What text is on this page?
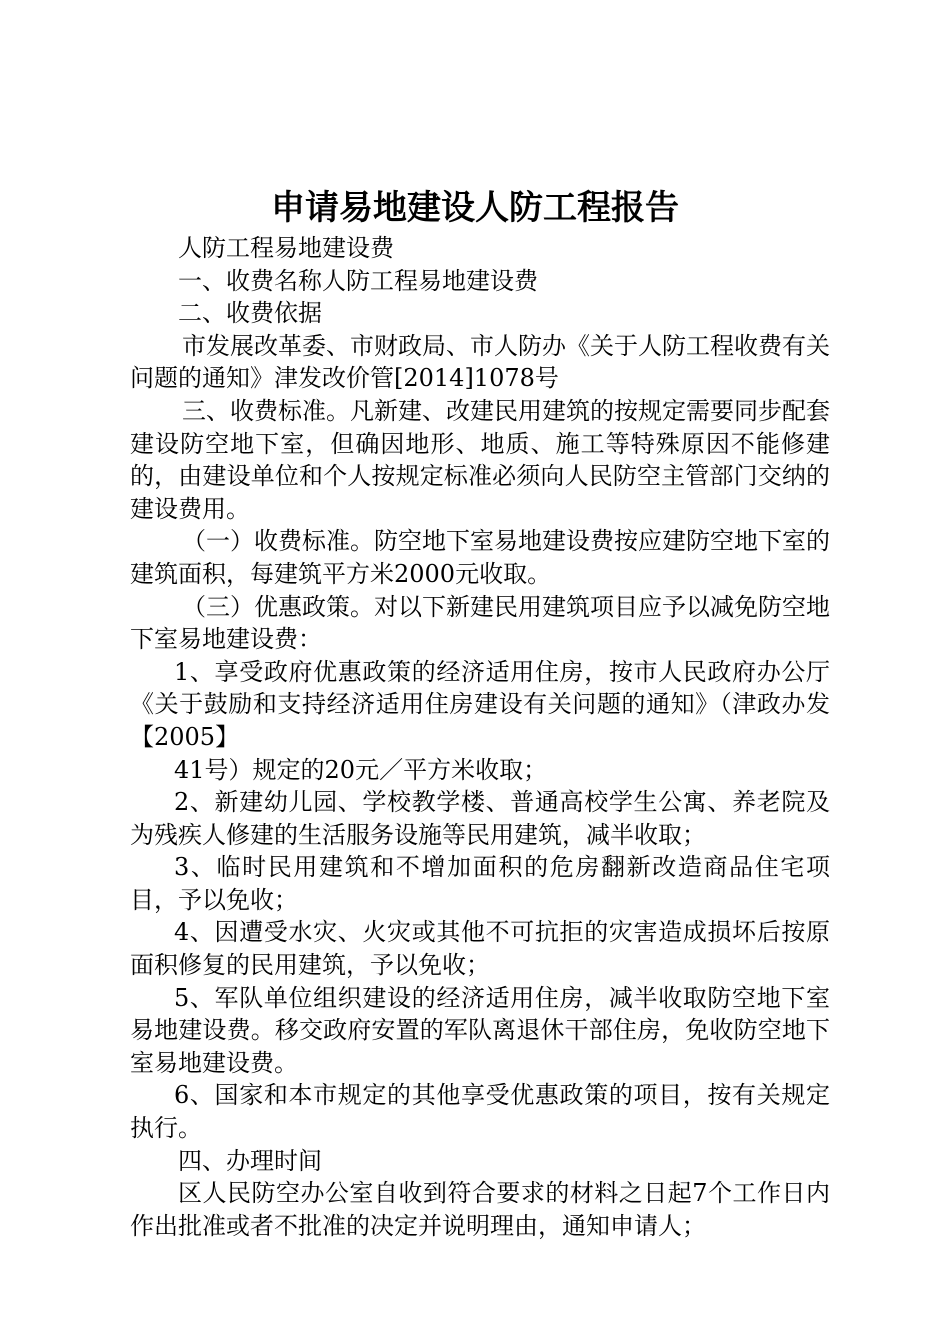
申请易地建设人防工程报告

人防工程易地建设费

一、收费名称人防工程易地建设费

二、收费依据

市发展改革委、市财政局、市人防办《关于人防工程收费有关问题的通知》津发改价管[2014]1078号

三、收费标准。凡新建、改建民用建筑的按规定需要同步配套建设防空地下室，但确因地形、地质、施工等特殊原因不能修建的，由建设单位和个人按规定标准必须向人民防空主管部门交纳的建设费用。

（一）收费标准。防空地下室易地建设费按应建防空地下室的建筑面积，每建筑平方米2000元收取。

（三）优惠政策。对以下新建民用建筑项目应予以减免防空地下室易地建设费：

1、享受政府优惠政策的经济适用住房，按市人民政府办公厅《关于鼓励和支持经济适用住房建设有关问题的通知》（津政办发【2005】

41号）规定的20元／平方米收取；

2、新建幼儿园、学校教学楼、普通高校学生公寓、养老院及为残疾人修建的生活服务设施等民用建筑，减半收取；

3、临时民用建筑和不增加面积的危房翻新改造商品住宅项目，予以免收；

4、因遭受水灾、火灾或其他不可抗拒的灾害造成损坏后按原面积修复的民用建筑，予以免收；

5、军队单位组织建设的经济适用住房，减半收取防空地下室易地建设费。移交政府安置的军队离退休干部住房，免收防空地下室易地建设费。

6、国家和本市规定的其他享受优惠政策的项目，按有关规定执行。

四、办理时间

区人民防空办公室自收到符合要求的材料之日起7个工作日内作出批准或者不批准的决定并说明理由，通知申请人；
